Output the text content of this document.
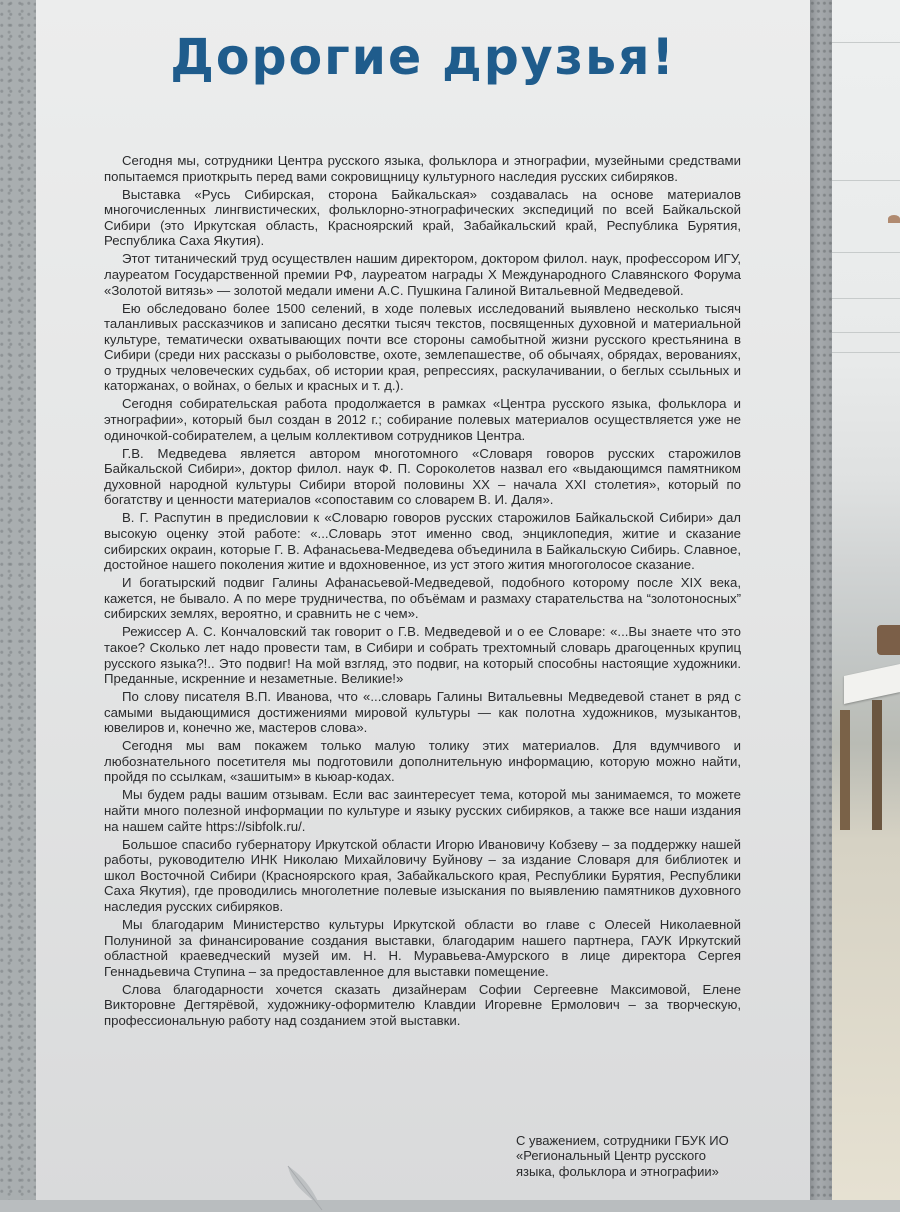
Дорогие друзья!

Сегодня мы, сотрудники Центра русского языка, фольклора и этнографии, музейными средствами попытаемся приоткрыть перед вами сокровищницу культурного наследия русских сибиряков.

Выставка «Русь Сибирская, сторона Байкальская» создавалась на основе материалов многочисленных лингвистических, фольклорно-этнографических экспедиций по всей Байкальской Сибири (это Иркутская область, Красноярский край, Забайкальский край, Республика Бурятия, Республика Саха Якутия).

Этот титанический труд осуществлен нашим директором, доктором филол. наук, профессором ИГУ, лауреатом Государственной премии РФ, лауреатом награды X Международного Славянского Форума «Золотой витязь» — золотой медали имени А.С. Пушкина Галиной Витальевной Медведевой.

Ею обследовано более 1500 селений, в ходе полевых исследований выявлено несколько тысяч таланливых рассказчиков и записано десятки тысяч текстов, посвященных духовной и материальной культуре, тематически охватывающих почти все стороны самобытной жизни русского крестьянина в Сибири (среди них рассказы о рыболовстве, охоте, землепашестве, об обычаях, обрядах, верованиях, о трудных человеческих судьбах, об истории края, репрессиях, раскулачивании, о беглых ссыльных и каторжанах, о войнах, о белых и красных и т. д.).

Сегодня собирательская работа продолжается в рамках «Центра русского языка, фольклора и этнографии», который был создан в 2012 г.; собирание полевых материалов осуществляется уже не одиночкой-собирателем, а целым коллективом сотрудников Центра.

Г.В. Медведева является автором многотомного «Словаря говоров русских старожилов Байкальской Сибири», доктор филол. наук Ф. П. Сороколетов назвал его «выдающимся памятником духовной народной культуры Сибири второй половины XX – начала XXI столетия», который по богатству и ценности материалов «сопоставим со словарем В. И. Даля».

В. Г. Распутин в предисловии к «Словарю говоров русских старожилов Байкальской Сибири» дал высокую оценку этой работе: «...Словарь этот именно свод, энциклопедия, житие и сказание сибирских окраин, которые Г. В. Афанасьева-Медведева объединила в Байкальскую Сибирь. Славное, достойное нашего поколения житие и вдохновенное, из уст этого жития многоголосое сказание.

И богатырский подвиг Галины Афанасьевой-Медведевой, подобного которому после XIX века, кажется, не бывало. А по мере трудничества, по объёмам и размаху старательства на “золотоносных” сибирских землях, вероятно, и сравнить не с чем».

Режиссер А. С. Кончаловский так говорит о Г.В. Медведевой и о ее Словаре: «...Вы знаете что это такое? Сколько лет надо провести там, в Сибири и собрать трехтомный словарь драгоценных крупиц русского языка?!.. Это подвиг! На мой взгляд, это подвиг, на который способны настоящие художники. Преданные, искренние и незаметные. Великие!»

По слову писателя В.П. Иванова, что «...словарь Галины Витальевны Медведевой станет в ряд с самыми выдающимися достижениями мировой культуры — как полотна художников, музыкантов, ювелиров и, конечно же, мастеров слова».

Сегодня мы вам покажем только малую толику этих материалов. Для вдумчивого и любознательного посетителя мы подготовили дополнительную информацию, которую можно найти, пройдя по ссылкам, «зашитым» в кьюар-кодах.

Мы будем рады вашим отзывам. Если вас заинтересует тема, которой мы занимаемся, то можете найти много полезной информации по культуре и языку русских сибиряков, а также все наши издания на нашем сайте https://sibfolk.ru/.

Большое спасибо губернатору Иркутской области Игорю Ивановичу Кобзеву – за поддержку нашей работы, руководителю ИНК Николаю Михайловичу Буйнову – за издание Словаря для библиотек и школ Восточной Сибири (Красноярского края, Забайкальского края, Республики Бурятия, Республики Саха Якутия), где проводились многолетние полевые изыскания по выявлению памятников духовного наследия русских сибиряков.

Мы благодарим Министерство культуры Иркутской области во главе с Олесей Николаевной Полуниной за финансирование создания выставки, благодарим нашего партнера, ГАУК Иркутский областной краеведческий музей им. Н. Н. Муравьева-Амурского в лице директора Сергея Геннадьевича Ступина – за предоставленное для выставки помещение.

Слова благодарности хочется сказать дизайнерам Софии Сергеевне Максимовой, Елене Викторовне Дегтярёвой, художнику-оформителю Клавдии Игоревне Ермолович – за творческую, профессиональную работу над созданием этой выставки.

С уважением, сотрудники ГБУК ИО
«Региональный Центр русского
языка, фольклора и этнографии»
